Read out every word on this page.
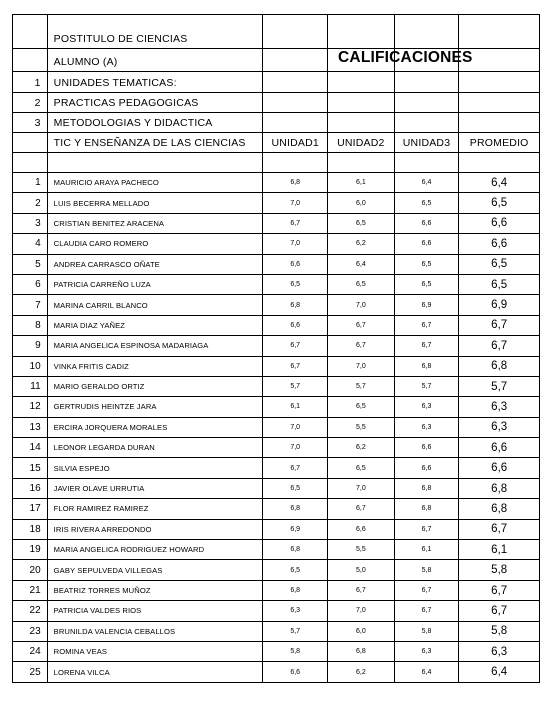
	POSTITULO DE CIENCIAS				
	ALUMNO (A)		CALIFICACIONES		

1	UNIDADES TEMATICAS:				
2	PRACTICAS PEDAGOGICAS				
3	METODOLOGIAS Y DIDACTICA				
	TIC Y ENSEÑANZA DE LAS CIENCIAS	UNIDAD1	UNIDAD2	UNIDAD3	PROMEDIO

1	MAURICIO ARAYA PACHECO	6,8	6,1	6,4	6,4
2	LUIS BECERRA MELLADO	7,0	6,0	6,5	6,5
3	CRISTIAN BENITEZ ARACENA	6,7	6,5	6,6	6,6
4	CLAUDIA CARO ROMERO	7,0	6,2	6,6	6,6
5	ANDREA CARRASCO OÑATE	6,6	6,4	6,5	6,5
6	PATRICIA CARREÑO LUZA	6,5	6,5	6,5	6,5
7	MARINA CARRIL BLANCO	6,8	7,0	6,9	6,9
8	MARIA DIAZ YAÑEZ	6,6	6,7	6,7	6,7
9	MARIA ANGELICA ESPINOSA MADARIAGA	6,7	6,7	6,7	6,7
10	VINKA FRITIS CADIZ	6,7	7,0	6,8	6,8
11	MARIO GERALDO ORTIZ	5,7	5,7	5,7	5,7
12	GERTRUDIS HEINTZE JARA	6,1	6,5	6,3	6,3
13	ERCIRA JORQUERA MORALES	7,0	5,5	6,3	6,3
14	LEONOR LEGARDA DURAN	7,0	6,2	6,6	6,6
15	SILVIA ESPEJO	6,7	6,5	6,6	6,6
16	JAVIER OLAVE URRUTIA	6,5	7,0	6,8	6,8
17	FLOR RAMIREZ RAMIREZ	6,8	6,7	6,8	6,8
18	IRIS RIVERA ARREDONDO	6,9	6,6	6,7	6,7
19	MARIA ANGELICA RODRIGUEZ HOWARD	6,8	5,5	6,1	6,1
20	GABY SEPULVEDA VILLEGAS	6,5	5,0	5,8	5,8
21	BEATRIZ TORRES MUÑOZ	6,8	6,7	6,7	6,7
22	PATRICIA VALDES RIOS	6,3	7,0	6,7	6,7
23	BRUNILDA VALENCIA CEBALLOS	5,7	6,0	5,8	5,8
24	ROMINA VEAS	5,8	6,8	6,3	6,3
25	LORENA VILCA	6,6	6,2	6,4	6,4
